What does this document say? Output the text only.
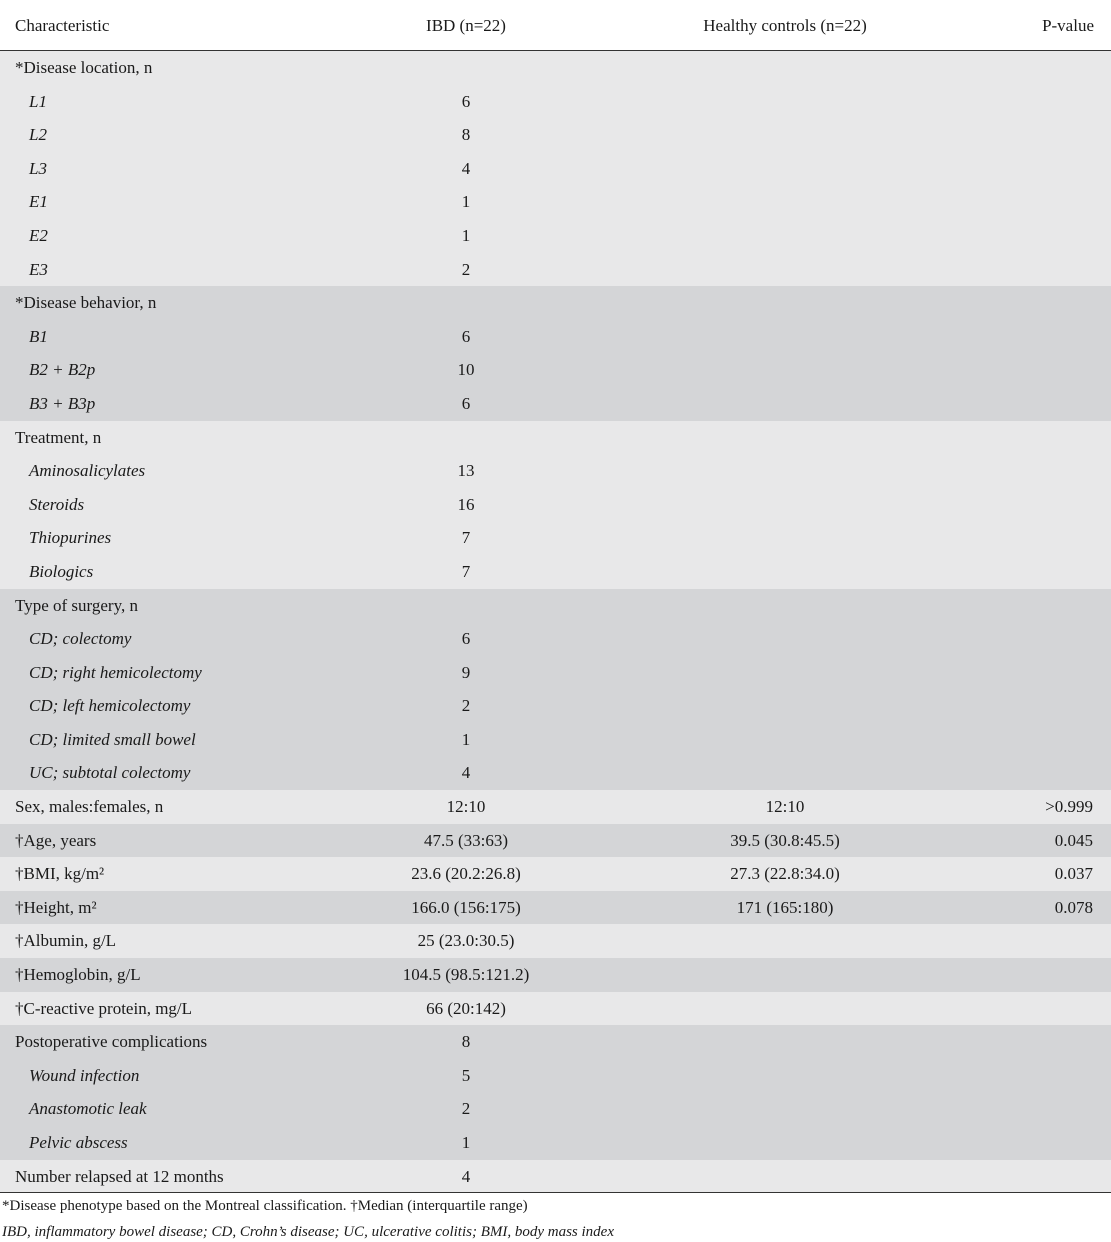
Characteristic	IBD (n=22)	Healthy controls (n=22)	P-value
*Disease location, n
L1	6
L2	8
L3	4
E1	1
E2	1
E3	2
*Disease behavior, n
B1	6
B2 + B2p	10
B3 + B3p	6
Treatment, n
Aminosalicylates	13
Steroids	16
Thiopurines	7
Biologics	7
Type of surgery, n
CD; colectomy	6
CD; right hemicolectomy	9
CD; left hemicolectomy	2
CD; limited small bowel	1
UC; subtotal colectomy	4
Sex, males:females, n	12:10	12:10	>0.999
†Age, years	47.5 (33:63)	39.5 (30.8:45.5)	0.045
†BMI, kg/m²	23.6 (20.2:26.8)	27.3 (22.8:34.0)	0.037
†Height, m²	166.0 (156:175)	171 (165:180)	0.078
†Albumin, g/L	25 (23.0:30.5)
†Hemoglobin, g/L	104.5 (98.5:121.2)
†C-reactive protein, mg/L	66 (20:142)
Postoperative complications	8
Wound infection	5
Anastomotic leak	2
Pelvic abscess	1
Number relapsed at 12 months	4
*Disease phenotype based on the Montreal classification. †Median (interquartile range)
IBD, inflammatory bowel disease; CD, Crohn’s disease; UC, ulcerative colitis; BMI, body mass index
